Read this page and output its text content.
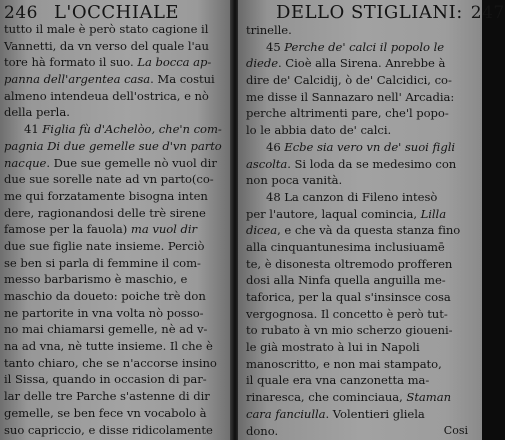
246 L'OCCHIALE
tutto il male è però stato cagione il
Vannetti, da vn verso del quale l'au
tore hà formato il suo. La bocca ap-
panna dell'argentea casa. Ma costui
almeno intendeua dell'ostrica, e nò
della perla.
41 Figlia fù d'Achelòo, che'n com-
pagnia Di due gemelle sue d'vn parto
nacque. Due sue gemelle nò vuol dir
due sue sorelle nate ad vn parto(co-
me qui forzatamente bisogna inten
dere, ragionandosi delle trè sirene
famose per la fauola) ma vuol dir
due sue figlie nate insieme. Perciò
se ben si parla di femmine il com-
messo barbarismo è maschio, e
maschio da doueto: poiche trè don
ne partorite in vna volta nò posso-
no mai chiamarsi gemelle, nè ad v-
na ad vna, nè tutte insieme. Il che è
tanto chiaro, che se n'accorse insino
il Sissa, quando in occasion di par-
lar delle tre Parche s'astenne di dir
gemelle, se ben fece vn vocabolo à
suo capriccio, e disse ridicolamente
DELLO STIGLIANI: 247
trinelle.
45 Perche de' calci il popolo le
diede. Cioè alla Sirena. Anrebbe à
dire de' Calcidij, ò de' Calcidici, co-
me disse il Sannazaro nell' Arcadia:
perche altrimenti pare, che'l popo-
lo le abbia dato de' calci.
46 Ecbe sia vero vn de' suoi figli
ascolta. Si loda da se medesimo con
non poca vanità.
48 La canzon di Fileno intesò
per l'autore, laqual comincia, Lilla
dicea, e che và da questa stanza fino
alla cinquantunesima inclusiuamē
te, è disonesta oltremodo profferen
dosi alla Ninfa quella anguilla me-
taforica, per la qual s'insinsce cosa
vergognosa. Il concetto è però tut-
to rubato à vn mio scherzo gioueni-
le già mostrato à lui in Napoli
manoscritto, e non mai stampato,
il quale era vna canzonetta ma-
rinaresca, che cominciaua, Staman
cara fanciulla. Volentieri gliela
dono.	Cosi
